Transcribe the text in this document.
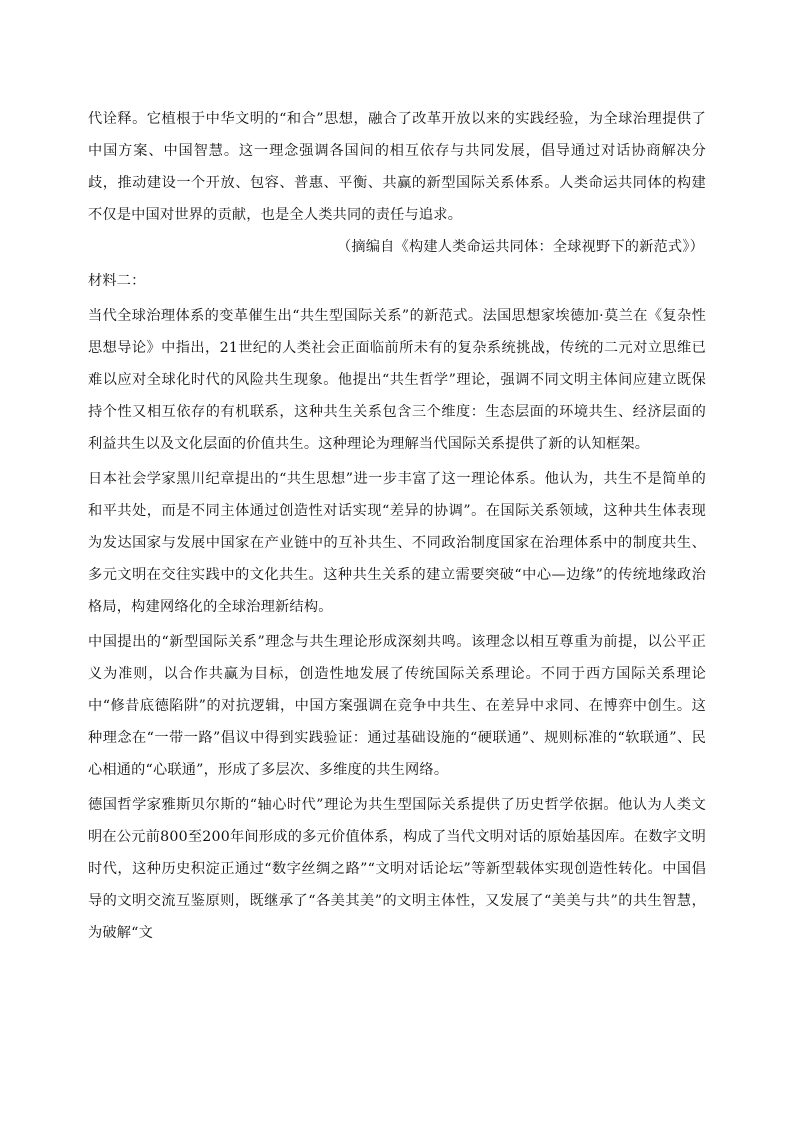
代诠释。它植根于中华文明的“和合”思想，融合了改革开放以来的实践经验，为全球治理提供了中国方案、中国智慧。这一理念强调各国间的相互依存与共同发展，倡导通过对话协商解决分歧，推动建设一个开放、包容、普惠、平衡、共赢的新型国际关系体系。人类命运共同体的构建不仅是中国对世界的贡献，也是全人类共同的责任与追求。

（摘编自《构建人类命运共同体：全球视野下的新范式》）

材料二：

当代全球治理体系的变革催生出“共生型国际关系”的新范式。法国思想家埃德加·莫兰在《复杂性思想导论》中指出，21世纪的人类社会正面临前所未有的复杂系统挑战，传统的二元对立思维已难以应对全球化时代的风险共生现象。他提出“共生哲学”理论，强调不同文明主体间应建立既保持个性又相互依存的有机联系，这种共生关系包含三个维度：生态层面的环境共生、经济层面的利益共生以及文化层面的价值共生。这种理论为理解当代国际关系提供了新的认知框架。

日本社会学家黑川纪章提出的“共生思想”进一步丰富了这一理论体系。他认为，共生不是简单的和平共处，而是不同主体通过创造性对话实现“差异的协调”。在国际关系领域，这种共生体表现为发达国家与发展中国家在产业链中的互补共生、不同政治制度国家在治理体系中的制度共生、多元文明在交往实践中的文化共生。这种共生关系的建立需要突破“中心—边缘”的传统地缘政治格局，构建网络化的全球治理新结构。

中国提出的“新型国际关系”理念与共生理论形成深刻共鸣。该理念以相互尊重为前提，以公平正义为准则，以合作共赢为目标，创造性地发展了传统国际关系理论。不同于西方国际关系理论中“修昔底德陷阱”的对抗逻辑，中国方案强调在竞争中共生、在差异中求同、在博弈中创生。这种理念在“一带一路”倡议中得到实践验证：通过基础设施的“硬联通”、规则标准的“软联通”、民心相通的“心联通”，形成了多层次、多维度的共生网络。

德国哲学家雅斯贝尔斯的“轴心时代”理论为共生型国际关系提供了历史哲学依据。他认为人类文明在公元前800至200年间形成的多元价值体系，构成了当代文明对话的原始基因库。在数字文明时代，这种历史积淀正通过“数字丝绸之路”“文明对话论坛”等新型载体实现创造性转化。中国倡导的文明交流互鉴原则，既继承了“各美其美”的文明主体性，又发展了“美美与共”的共生智慧，为破解“文
